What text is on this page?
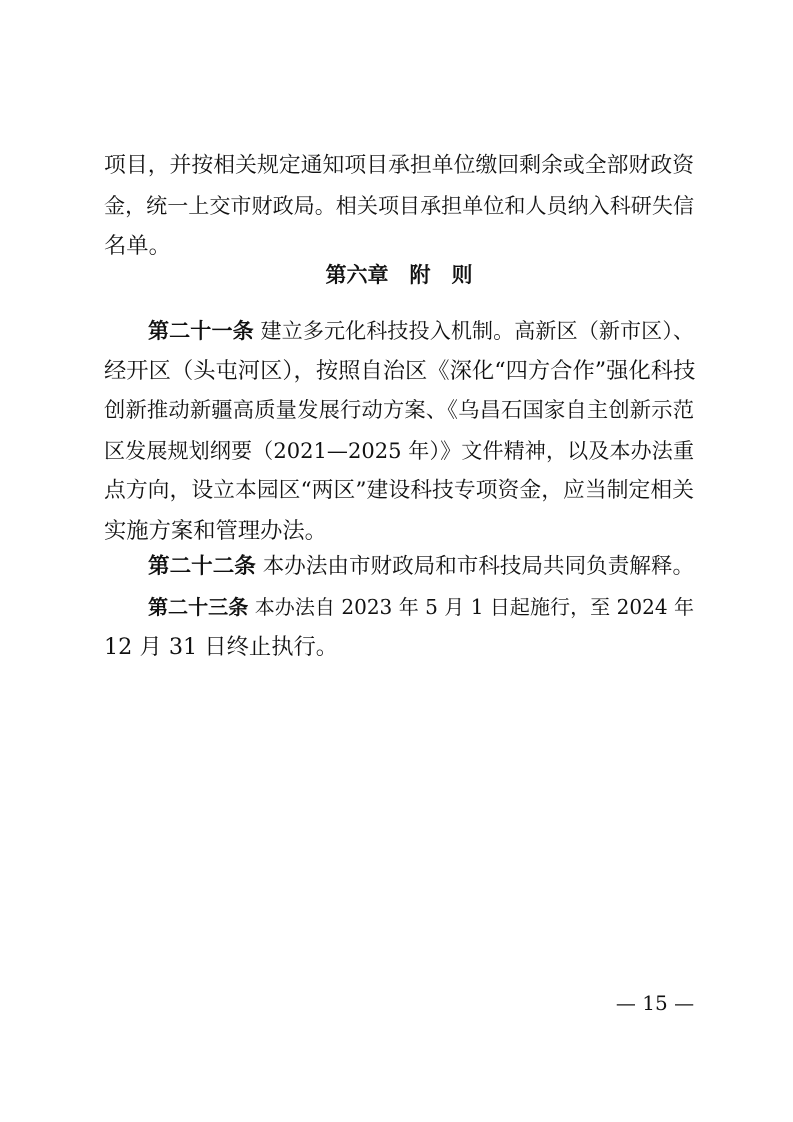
项目，并按相关规定通知项目承担单位缴回剩余或全部财政资
金，统一上交市财政局。相关项目承担单位和人员纳入科研失信
名单。
第六章　附　则
第二十一条 建立多元化科技投入机制。高新区（新市区）、
经开区（头屯河区），按照自治区《深化“四方合作”强化科技
创新推动新疆高质量发展行动方案、《乌昌石国家自主创新示范
区发展规划纲要（2021—2025 年）》文件精神，以及本办法重
点方向，设立本园区“两区”建设科技专项资金，应当制定相关
实施方案和管理办法。
第二十二条 本办法由市财政局和市科技局共同负责解释。
第二十三条 本办法自 2023 年 5 月 1 日起施行，至 2024 年
12 月 31 日终止执行。
— 15 —
